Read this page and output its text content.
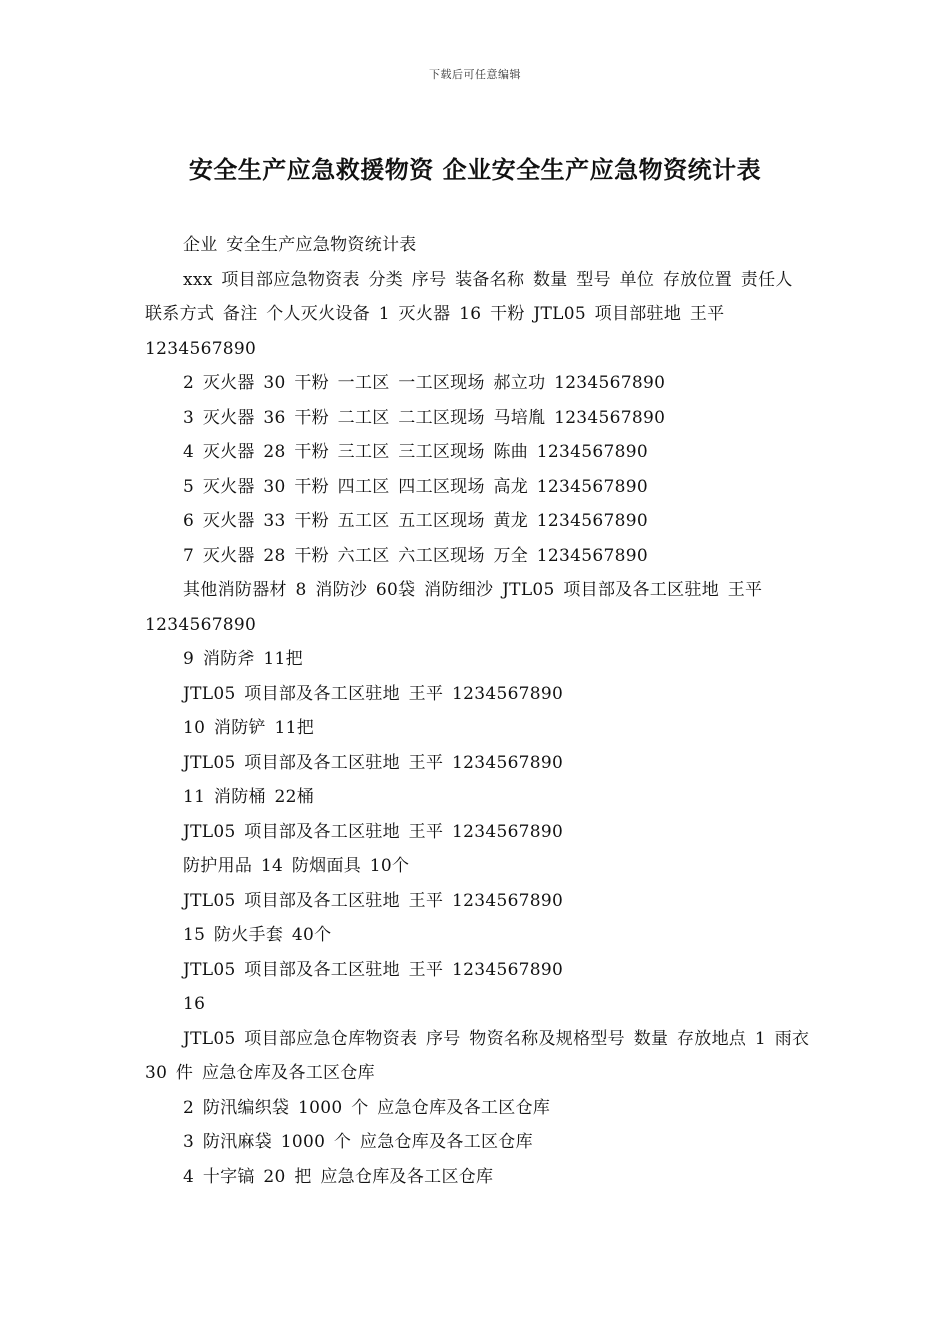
下载后可任意编辑
安全生产应急救援物资 企业安全生产应急物资统计表

企业 安全生产应急物资统计表

xxx 项目部应急物资表 分类 序号 装备名称 数量 型号 单位 存放位置 责任人 联系方式 备注 个人灭火设备 1 灭火器 16 干粉 JTL05 项目部驻地 王平 1234567890

2 灭火器 30 干粉 一工区 一工区现场 郝立功 1234567890

3 灭火器 36 干粉 二工区 二工区现场 马培胤 1234567890

4 灭火器 28 干粉 三工区 三工区现场 陈曲 1234567890

5 灭火器 30 干粉 四工区 四工区现场 高龙 1234567890

6 灭火器 33 干粉 五工区 五工区现场 黄龙 1234567890

7 灭火器 28 干粉 六工区 六工区现场 万全 1234567890

其他消防器材 8 消防沙 60袋 消防细沙 JTL05 项目部及各工区驻地 王平 1234567890

9 消防斧 11把

JTL05 项目部及各工区驻地 王平 1234567890

10 消防铲 11把

JTL05 项目部及各工区驻地 王平 1234567890

11 消防桶 22桶

JTL05 项目部及各工区驻地 王平 1234567890

防护用品 14 防烟面具 10个

JTL05 项目部及各工区驻地 王平 1234567890

15 防火手套 40个

JTL05 项目部及各工区驻地 王平 1234567890

16

JTL05 项目部应急仓库物资表 序号 物资名称及规格型号 数量 存放地点 1 雨衣 30 件 应急仓库及各工区仓库

2 防汛编织袋 1000 个 应急仓库及各工区仓库

3 防汛麻袋 1000 个 应急仓库及各工区仓库

4 十字镐 20 把 应急仓库及各工区仓库
